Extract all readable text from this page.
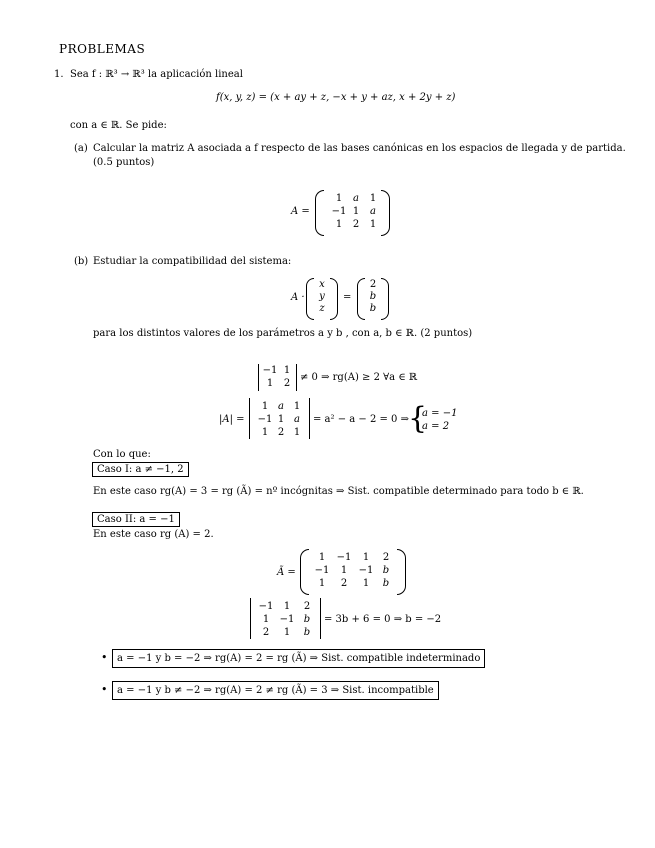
PROBLEMAS
1. Sea f : ℝ³ → ℝ³ la aplicación lineal
f(x, y, z) = (x + ay + z, −x + y + az, x + 2y + z)
con a ∈ ℝ. Se pide:
(a) Calcular la matriz A asociada a f respecto de las bases canónicas en los espacios de llegada y de partida.
(0.5 puntos)
A =
1	a	1
−1 1	a
1	2	1
(b) Estudiar la compatibilidad del sistema:
A ·
x
y
z
=
2
b
b
para los distintos valores de los parámetros a y b , con a, b ∈ ℝ. (2 puntos)
−1 1
1	2
≠ 0 ⇒ rg(A) ≥ 2 ∀a ∈ ℝ
|A| =
1 a 1
−1 1 a
1 2 1
= a² − a − 2 = 0 ⇒ {
a = −1
a = 2
Con lo que:
Caso I: a ≠ −1, 2
En este caso rg(A) = 3 = rg (Ã) = nº incógnitas ⇒ Sist. compatible determinado para todo b ∈ ℝ.
Caso II: a = −1
En este caso rg (A) = 2.
Ã =
1	−1	1	2
−1	1	−1 b
1	2	1	b
−1	1	2
1	−1 b
2	1	b
= 3b + 6 = 0 ⇒ b = −2
• a = −1 y b = −2 ⇒ rg(A) = 2 = rg (Ã) ⇒ Sist. compatible indeterminado
• a = −1 y b ≠ −2 ⇒ rg(A) = 2 ≠ rg (Ã) = 3 ⇒ Sist. incompatible
